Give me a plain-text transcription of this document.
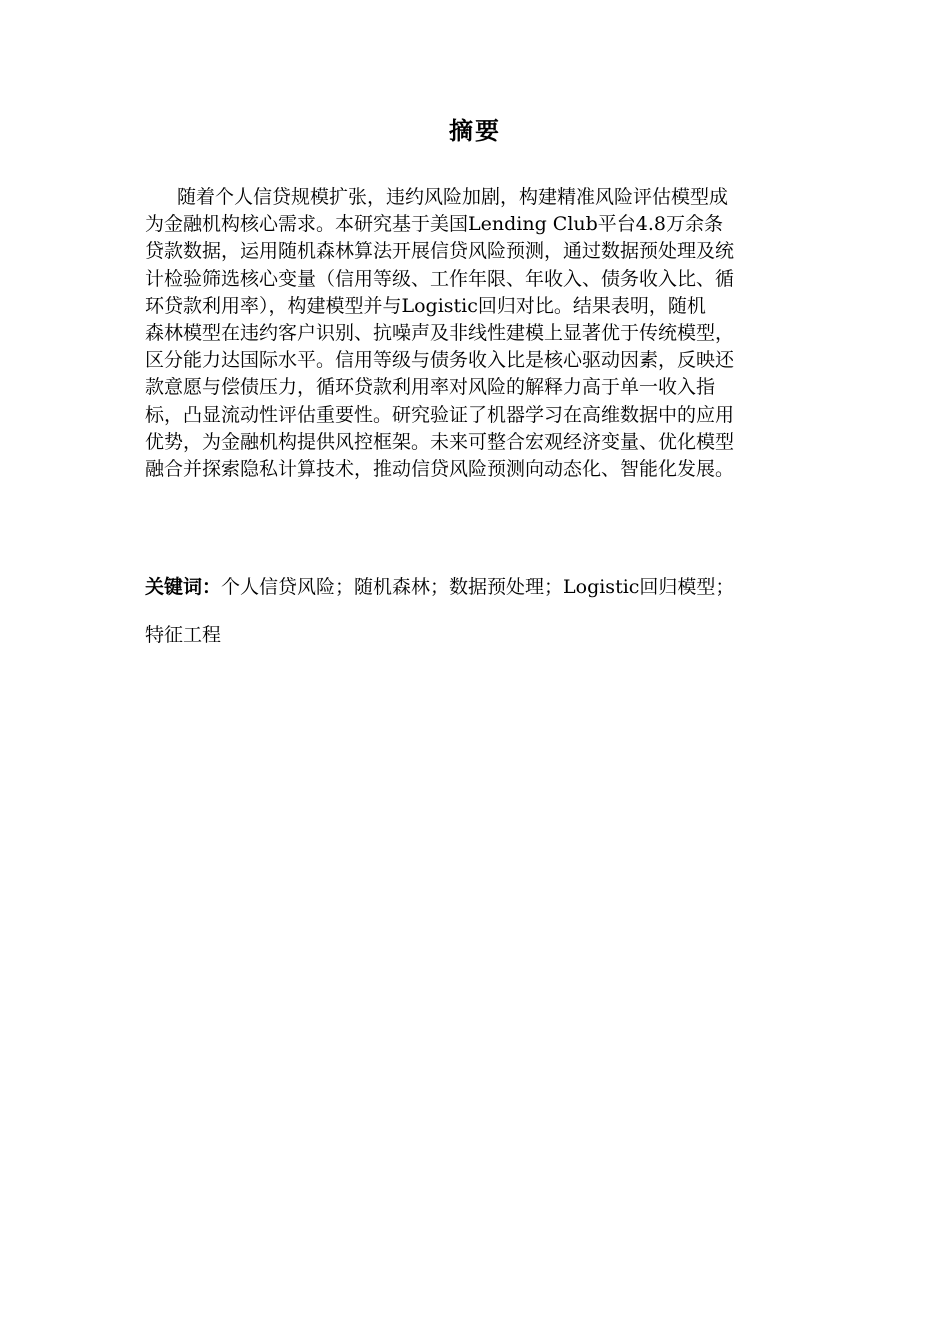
摘要
随着个人信贷规模扩张，违约风险加剧，构建精准风险评估模型成
为金融机构核心需求。本研究基于美国Lending Club平台4.8万余条
贷款数据，运用随机森林算法开展信贷风险预测，通过数据预处理及统
计检验筛选核心变量（信用等级、工作年限、年收入、债务收入比、循
环贷款利用率），构建模型并与Logistic回归对比。结果表明，随机
森林模型在违约客户识别、抗噪声及非线性建模上显著优于传统模型，
区分能力达国际水平。信用等级与债务收入比是核心驱动因素，反映还
款意愿与偿债压力，循环贷款利用率对风险的解释力高于单一收入指
标，凸显流动性评估重要性。研究验证了机器学习在高维数据中的应用
优势，为金融机构提供风控框架。未来可整合宏观经济变量、优化模型
融合并探索隐私计算技术，推动信贷风险预测向动态化、智能化发展。
关键词：个人信贷风险；随机森林；数据预处理；Logistic回归模型；
特征工程
